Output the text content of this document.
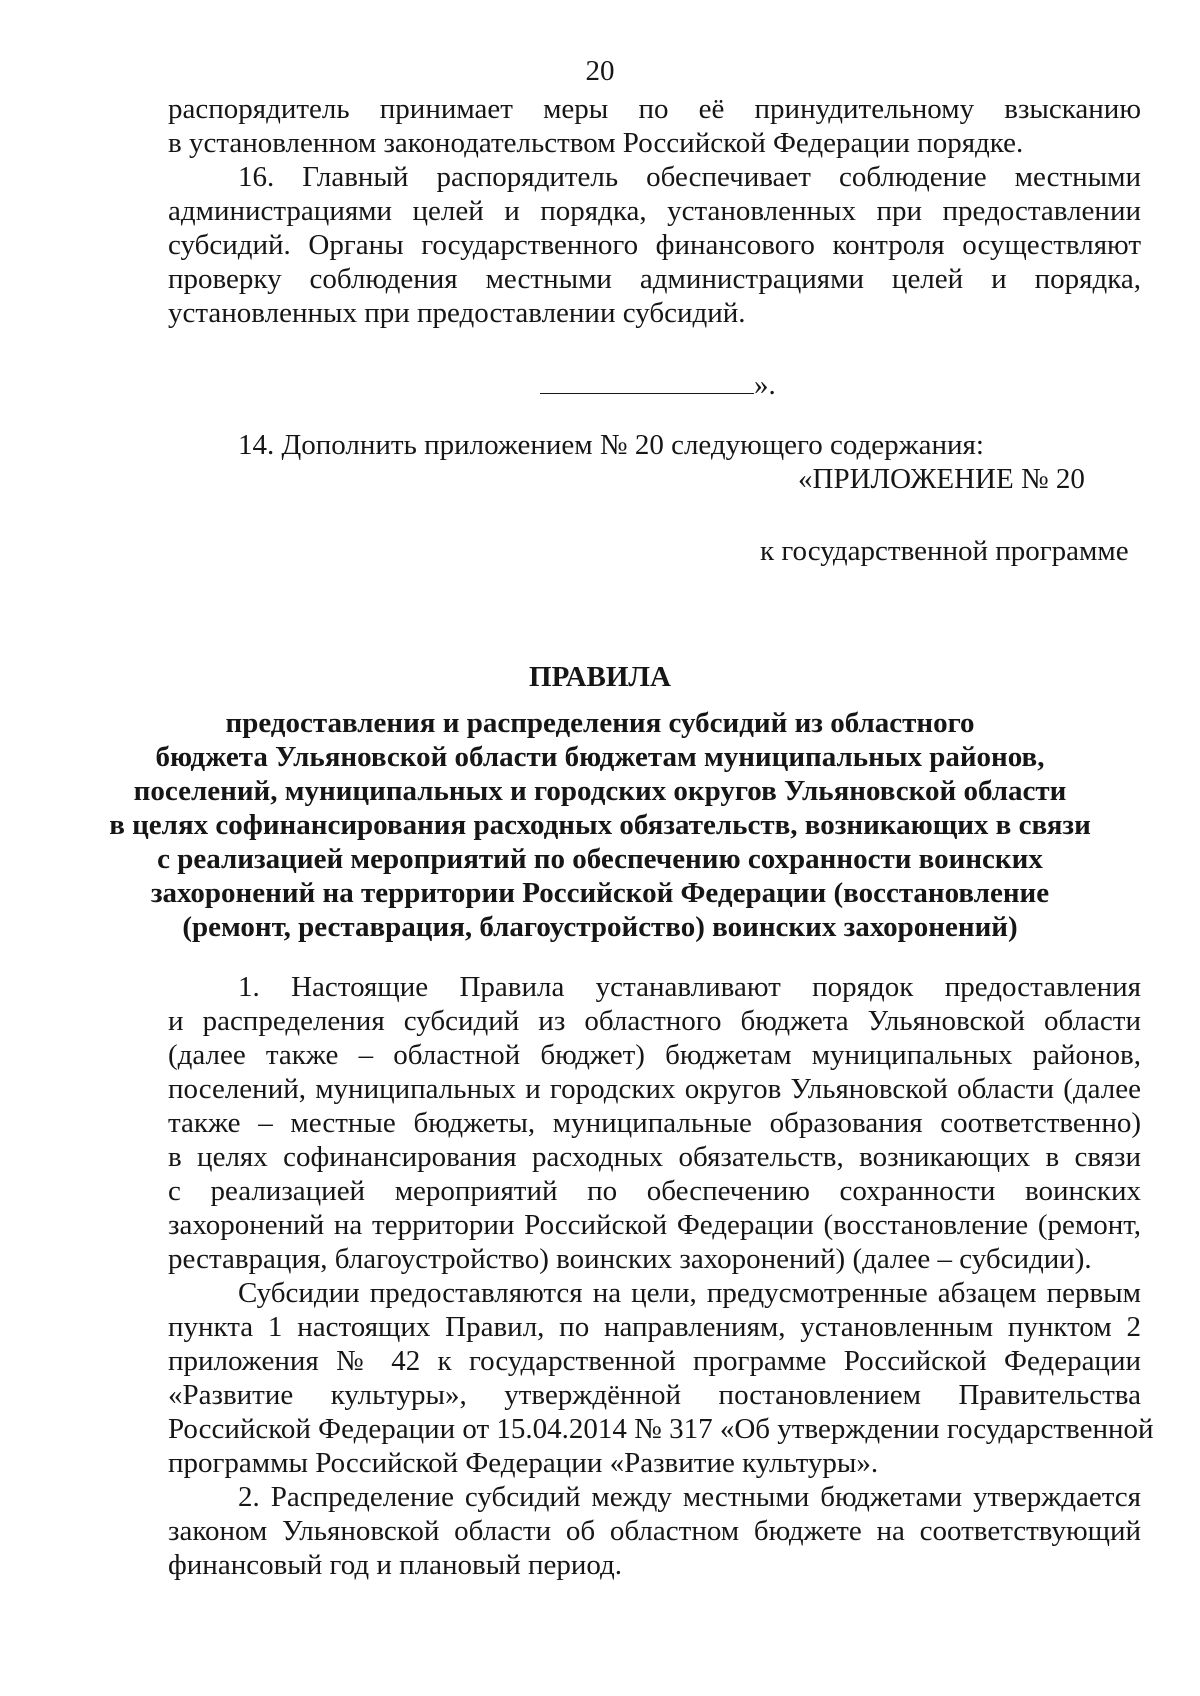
20

распорядитель принимает меры по её принудительному взысканию

в установленном законодательством Российской Федерации порядке.

16. Главный распорядитель обеспечивает соблюдение местными

администрациями целей и порядка, установленных при предоставлении

субсидий. Органы государственного финансового контроля осуществляют

проверку соблюдения местными администрациями целей и порядка,

установленных при предоставлении субсидий.

».

14. Дополнить приложением № 20 следующего содержания:

«ПРИЛОЖЕНИЕ № 20
к государственной программе

ПРАВИЛА

предоставления и распределения субсидий из областного

бюджета Ульяновской области бюджетам муниципальных районов,

поселений, муниципальных и городских округов Ульяновской области

в целях софинансирования расходных обязательств, возникающих в связи

с реализацией мероприятий по обеспечению сохранности воинских

захоронений на территории Российской Федерации (восстановление

(ремонт, реставрация, благоустройство) воинских захоронений)

1. Настоящие Правила устанавливают порядок предоставления

и распределения субсидий из областного бюджета Ульяновской области

(далее также – областной бюджет) бюджетам муниципальных районов,

поселений, муниципальных и городских округов Ульяновской области (далее

также – местные бюджеты, муниципальные образования соответственно)

в целях софинансирования расходных обязательств, возникающих в связи

с реализацией мероприятий по обеспечению сохранности воинских

захоронений на территории Российской Федерации (восстановление (ремонт,

реставрация, благоустройство) воинских захоронений) (далее – субсидии).

Субсидии предоставляются на цели, предусмотренные абзацем первым

пункта 1 настоящих Правил, по направлениям, установленным пунктом 2

приложения № 42 к государственной программе Российской Федерации

«Развитие культуры», утверждённой постановлением Правительства

Российской Федерации от 15.04.2014 № 317 «Об утверждении государственной

программы Российской Федерации «Развитие культуры».

2. Распределение субсидий между местными бюджетами утверждается

законом Ульяновской области об областном бюджете на соответствующий

финансовый год и плановый период.
